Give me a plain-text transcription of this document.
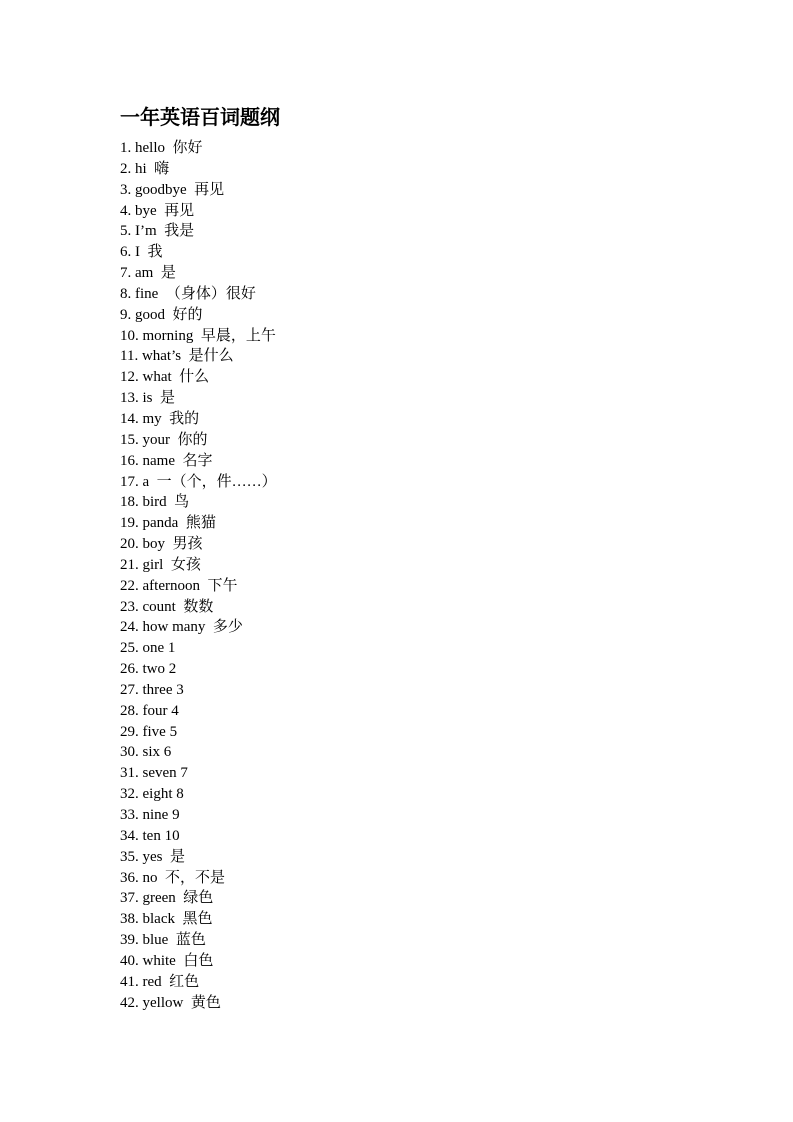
一年英语百词题纲
1. hello  你好
2. hi  嗨
3. goodbye  再见
4. bye  再见
5. I’m  我是
6. I  我
7. am  是
8. fine  （身体）很好
9. good  好的
10. morning  早晨，上午
11. what’s  是什么
12. what  什么
13. is  是
14. my  我的
15. your  你的
16. name  名字
17. a  一（个，件……）
18. bird  鸟
19. panda  熊猫
20. boy  男孩
21. girl  女孩
22. afternoon  下午
23. count  数数
24. how many  多少
25. one 1
26. two 2
27. three 3
28. four 4
29. five 5
30. six 6
31. seven 7
32. eight 8
33. nine 9
34. ten 10
35. yes  是
36. no  不，不是
37. green  绿色
38. black  黑色
39. blue  蓝色
40. white  白色
41. red  红色
42. yellow  黄色
